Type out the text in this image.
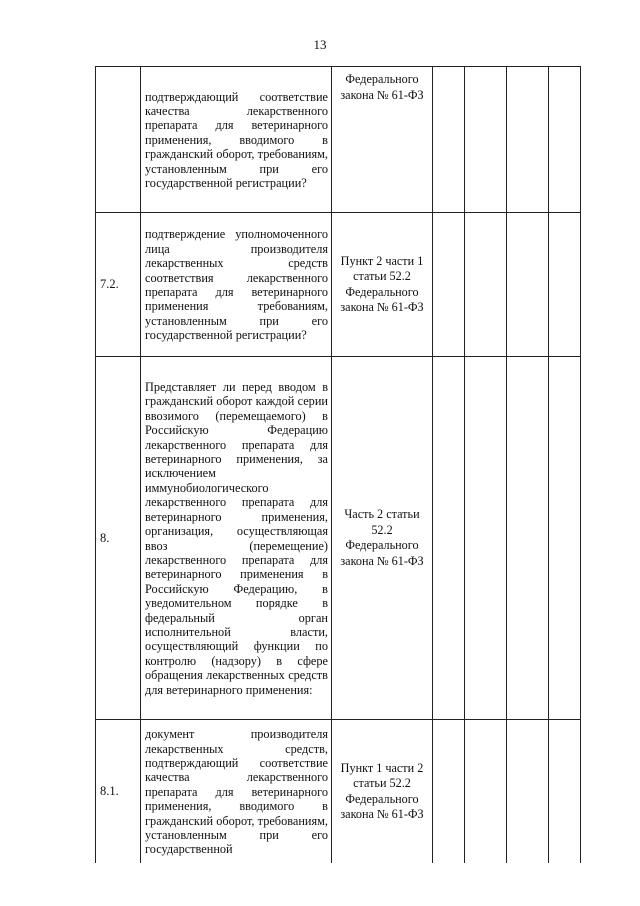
13

	подтверждающий соответствие качества лекарственного препарата для ветеринарного применения, вводимого в гражданский оборот, требованиям, установленным при его государственной регистрации?	Федерального закона № 61-ФЗ				
7.2.	подтверждение уполномоченного лица производителя лекарственных средств соответствия лекарственного препарата для ветеринарного применения требованиям, установленным при его государственной регистрации?	Пункт 2 части 1 статьи 52.2 Федерального закона № 61-ФЗ				
8.	Представляет ли перед вводом в гражданский оборот каждой серии ввозимого (перемещаемого) в Российскую Федерацию лекарственного препарата для ветеринарного применения, за исключением иммунобиологического лекарственного препарата для ветеринарного применения, организация, осуществляющая ввоз (перемещение) лекарственного препарата для ветеринарного применения в Российскую Федерацию, в уведомительном порядке в федеральный орган исполнительной власти, осуществляющий функции по контролю (надзору) в сфере обращения лекарственных средств для ветеринарного применения:	Часть 2 статьи 52.2 Федерального закона № 61-ФЗ				
8.1.	документ производителя лекарственных средств, подтверждающий соответствие качества лекарственного препарата для ветеринарного применения, вводимого в гражданский оборот, требованиям, установленным при его государственной	Пункт 1 части 2 статьи 52.2 Федерального закона № 61-ФЗ				
